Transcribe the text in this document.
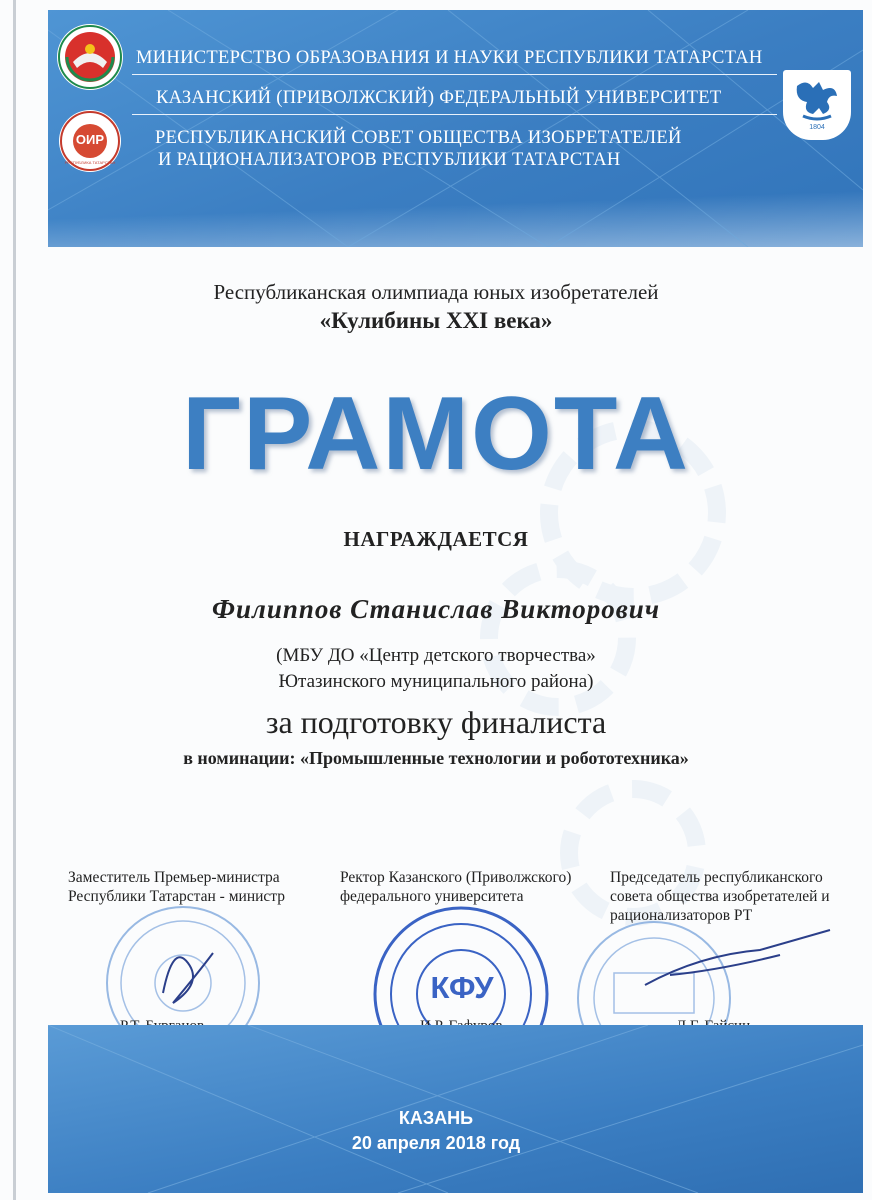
ОИР
РЕСПУБЛИКА ТАТАРСТАН
МИНИСТЕРСТВО ОБРАЗОВАНИЯ И НАУКИ РЕСПУБЛИКИ ТАТАРСТАН
КАЗАНСКИЙ (ПРИВОЛЖСКИЙ) ФЕДЕРАЛЬНЫЙ УНИВЕРСИТЕТ
РЕСПУБЛИКАНСКИЙ СОВЕТ ОБЩЕСТВА ИЗОБРЕТАТЕЛЕЙ
И РАЦИОНАЛИЗАТОРОВ РЕСПУБЛИКИ ТАТАРСТАН
1804
Республиканская олимпиада юных изобретателей
«Кулибины XXI века»
ГРАМОТА
НАГРАЖДАЕТСЯ
Филиппов Станислав Викторович
(МБУ ДО «Центр детского творчества»
Ютазинского муниципального района)
за подготовку финалиста
в номинации: «Промышленные технологии и робототехника»
Заместитель Премьер-министра
Республики Татарстан - министр
Ректор Казанского (Приволжского)
федерального университета
Председатель республиканского
совета общества изобретателей и
рационализаторов РТ
КФУ
КАЗАНЬ
20 апреля 2018 год
